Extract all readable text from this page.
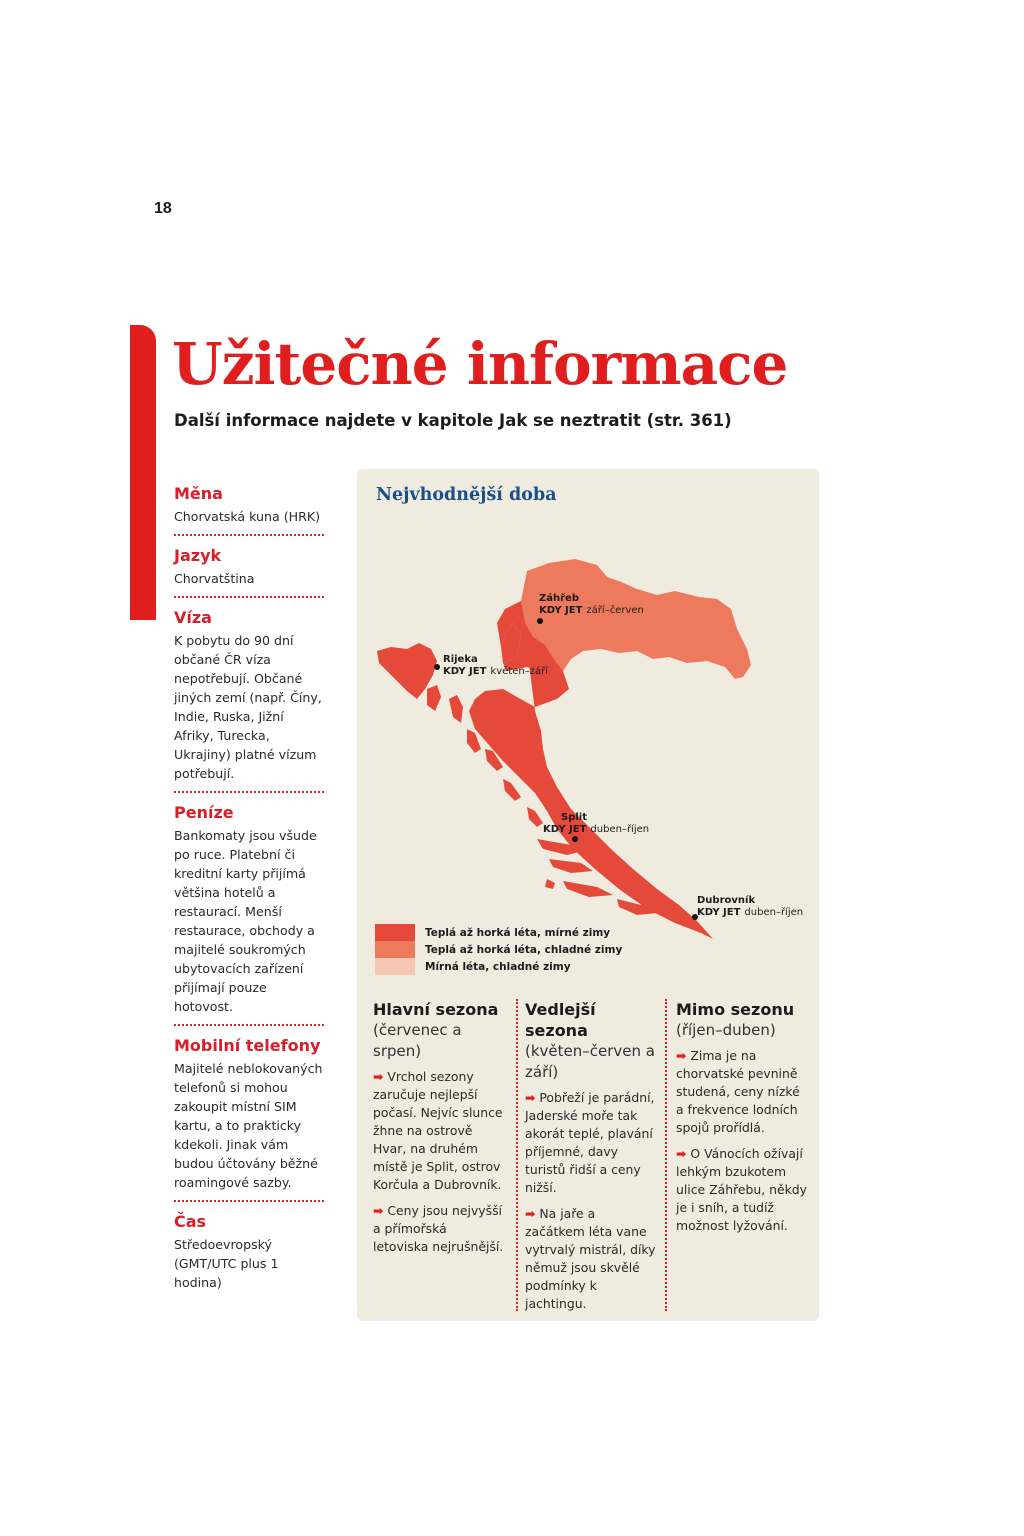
18
Užitečné informace
Další informace najdete v kapitole Jak se neztratit (str. 361)
Měna
Chorvatská kuna (HRK)
Jazyk
Chorvatština
Víza
K pobytu do 90 dní občané ČR víza nepotřebují. Občané jiných zemí (např. Číny, Indie, Ruska, Jižní Afriky, Turecka, Ukrajiny) platné vízum potřebují.
Peníze
Bankomaty jsou všude po ruce. Platební či kreditní karty přijímá většina hotelů a restaurací. Menší restaurace, obchody a majitelé soukromých ubytovacích zařízení přijímají pouze hotovost.
Mobilní telefony
Majitelé neblokovaných telefonů si mohou zakoupit místní SIM kartu, a to prakticky kdekoli. Jinak vám budou účtovány běžné roamingové sazby.
Čas
Středoevropský (GMT/UTC plus 1 hodina)
Nejvhodnější doba
Záhřeb
KDY JET září–červen
Rijeka
KDY JET květen–září
Split
KDY JET duben–říjen
Dubrovník
KDY JET duben–říjen
Teplá až horká léta, mírné zimy
Teplá až horká léta, chladné zimy
Mírná léta, chladné zimy
Hlavní sezona
(červenec a srpen)
➡ Vrchol sezony zaručuje nejlepší počasí. Nejvíc slunce žhne na ostrově Hvar, na druhém místě je Split, ostrov Korčula a Dubrovník.
➡ Ceny jsou nejvyšší a přímořská letoviska nejrušnější.
Vedlejší sezona
(květen–červen a září)
➡ Pobřeží je parádní, Jaderské moře tak akorát teplé, plavání příjemné, davy turistů řidší a ceny nižší.
➡ Na jaře a začátkem léta vane vytrvalý mistrál, díky němuž jsou skvělé podmínky k jachtingu.
Mimo sezonu
(říjen–duben)
➡ Zima je na chorvatské pevnině studená, ceny nízké a frekvence lodních spojů prořídlá.
➡ O Vánocích ožívají lehkým bzukotem ulice Záhřebu, někdy je i sníh, a tudíž možnost lyžování.
